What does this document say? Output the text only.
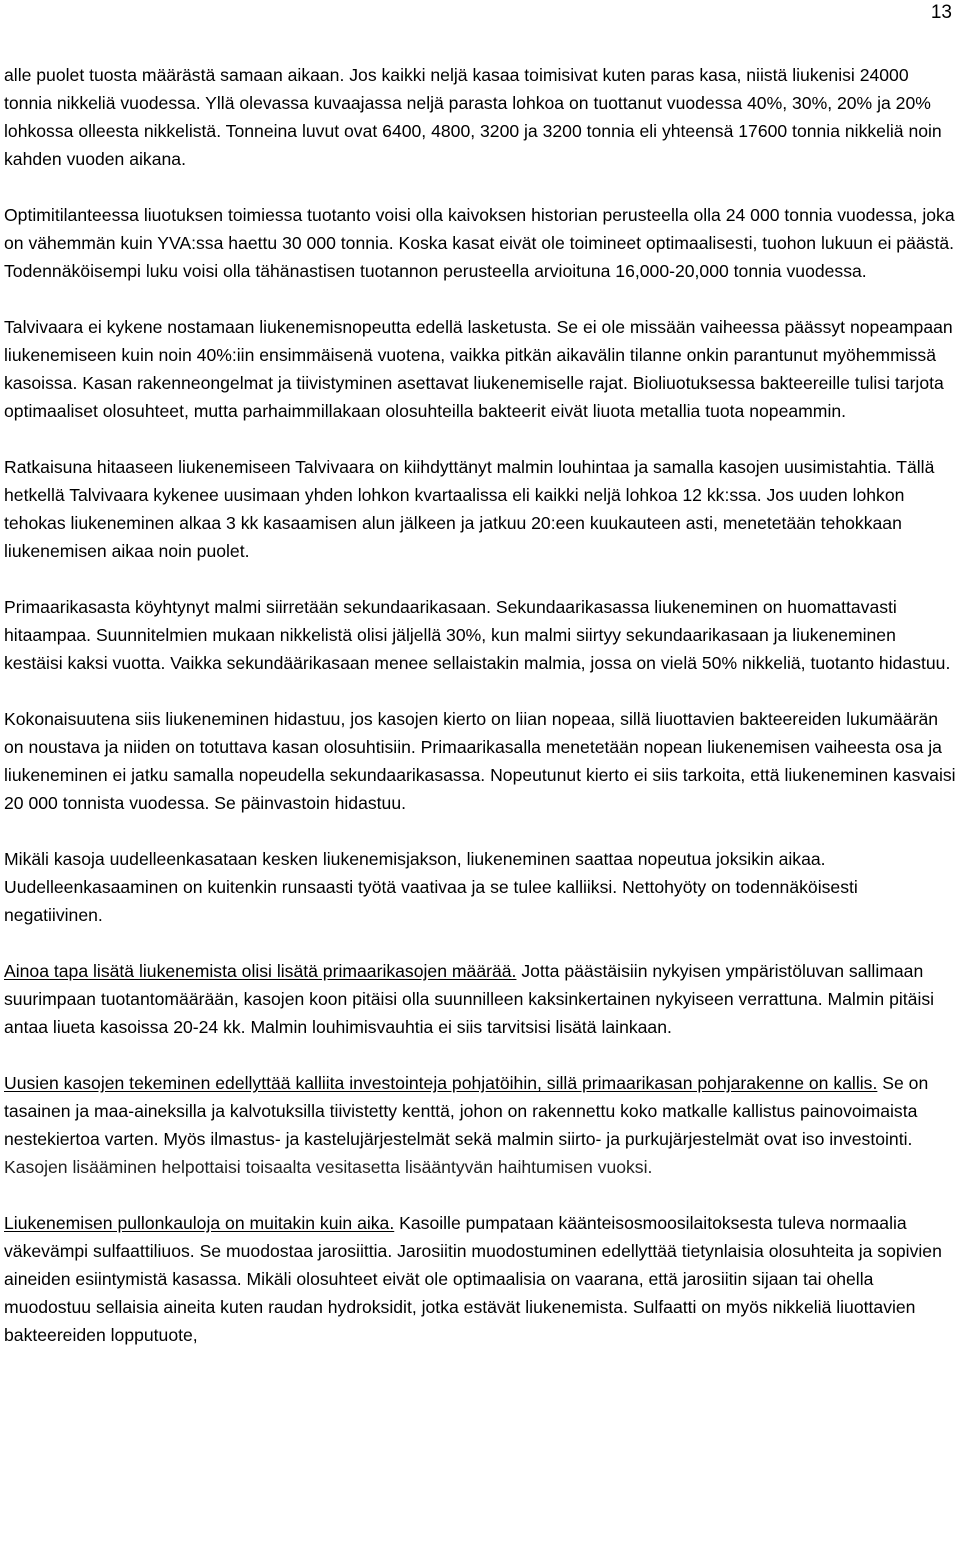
13

alle puolet tuosta määrästä samaan aikaan. Jos kaikki neljä kasaa toimisivat kuten paras kasa, niistä liukenisi 24000 tonnia nikkeliä vuodessa. Yllä olevassa kuvaajassa neljä parasta lohkoa on tuottanut vuodessa 40%, 30%, 20% ja 20% lohkossa olleesta nikkelistä. Tonneina luvut ovat 6400, 4800, 3200 ja 3200 tonnia eli yhteensä 17600 tonnia nikkeliä noin kahden vuoden aikana.

Optimitilanteessa liuotuksen toimiessa tuotanto voisi olla kaivoksen historian perusteella olla 24 000 tonnia vuodessa, joka on vähemmän kuin YVA:ssa haettu 30 000 tonnia. Koska kasat eivät ole toimineet optimaalisesti, tuohon lukuun ei päästä. Todennäköisempi luku voisi olla tähänastisen tuotannon perusteella arvioituna 16,000-20,000 tonnia vuodessa.

Talvivaara ei kykene nostamaan liukenemisnopeutta edellä lasketusta. Se ei ole missään vaiheessa päässyt nopeampaan liukenemiseen kuin noin 40%:iin ensimmäisenä vuotena, vaikka pitkän aikavälin tilanne onkin parantunut myöhemmissä kasoissa. Kasan rakenneongelmat ja tiivistyminen asettavat liukenemiselle rajat. Bioliuotuksessa bakteereille tulisi tarjota optimaaliset olosuhteet, mutta parhaimmillakaan olosuhteilla bakteerit eivät liuota metallia tuota nopeammin.

Ratkaisuna hitaaseen liukenemiseen Talvivaara on kiihdyttänyt malmin louhintaa ja samalla kasojen uusimistahtia. Tällä hetkellä Talvivaara kykenee uusimaan yhden lohkon kvartaalissa eli kaikki neljä lohkoa 12 kk:ssa. Jos uuden lohkon tehokas liukeneminen alkaa 3 kk kasaamisen alun jälkeen ja jatkuu 20:een kuukauteen asti, menetetään tehokkaan liukenemisen aikaa noin puolet.

Primaarikasasta köyhtynyt malmi siirretään sekundaarikasaan. Sekundaarikasassa liukeneminen on huomattavasti hitaampaa. Suunnitelmien mukaan nikkelistä olisi jäljellä 30%, kun malmi siirtyy sekundaarikasaan ja liukeneminen kestäisi kaksi vuotta. Vaikka sekundäärikasaan menee sellaistakin malmia, jossa on vielä 50% nikkeliä, tuotanto hidastuu.

Kokonaisuutena siis liukeneminen hidastuu, jos kasojen kierto on liian nopeaa, sillä liuottavien bakteereiden lukumäärän on noustava ja niiden on totuttava kasan olosuhtisiin. Primaarikasalla menetetään nopean liukenemisen vaiheesta osa ja liukeneminen ei jatku samalla nopeudella sekundaarikasassa. Nopeutunut kierto ei siis tarkoita, että liukeneminen kasvaisi 20 000 tonnista vuodessa. Se päinvastoin hidastuu.

Mikäli kasoja uudelleenkasataan kesken liukenemisjakson, liukeneminen saattaa nopeutua joksikin aikaa. Uudelleenkasaaminen on kuitenkin runsaasti työtä vaativaa ja se tulee kalliiksi. Nettohyöty on todennäköisesti negatiivinen.

Ainoa tapa lisätä liukenemista olisi lisätä primaarikasojen määrää. Jotta päästäisiin nykyisen ympäristöluvan sallimaan suurimpaan tuotantomäärään, kasojen koon pitäisi olla suunnilleen kaksinkertainen nykyiseen verrattuna. Malmin pitäisi antaa liueta kasoissa 20-24 kk. Malmin louhimisvauhtia ei siis tarvitsisi lisätä lainkaan.

Uusien kasojen tekeminen edellyttää kalliita investointeja pohjatöihin, sillä primaarikasan pohjarakenne on kallis. Se on tasainen ja maa-aineksilla ja kalvotuksilla tiivistetty kenttä, johon on rakennettu koko matkalle kallistus painovoimaista nestekiertoa varten. Myös ilmastus- ja kastelujärjestelmät sekä malmin siirto- ja purkujärjestelmät ovat iso investointi. Kasojen lisääminen helpottaisi toisaalta vesitasetta lisääntyvän haihtumisen vuoksi.

Liukenemisen pullonkauloja on muitakin kuin aika. Kasoille pumpataan käänteisosmoosilaitoksesta tuleva normaalia väkevämpi sulfaattiliuos. Se muodostaa jarosiittia. Jarosiitin muodostuminen edellyttää tietynlaisia olosuhteita ja sopivien aineiden esiintymistä kasassa. Mikäli olosuhteet eivät ole optimaalisia on vaarana, että jarosiitin sijaan tai ohella muodostuu sellaisia aineita kuten raudan hydroksidit, jotka estävät liukenemista. Sulfaatti on myös nikkeliä liuottavien bakteereiden lopputuote,
